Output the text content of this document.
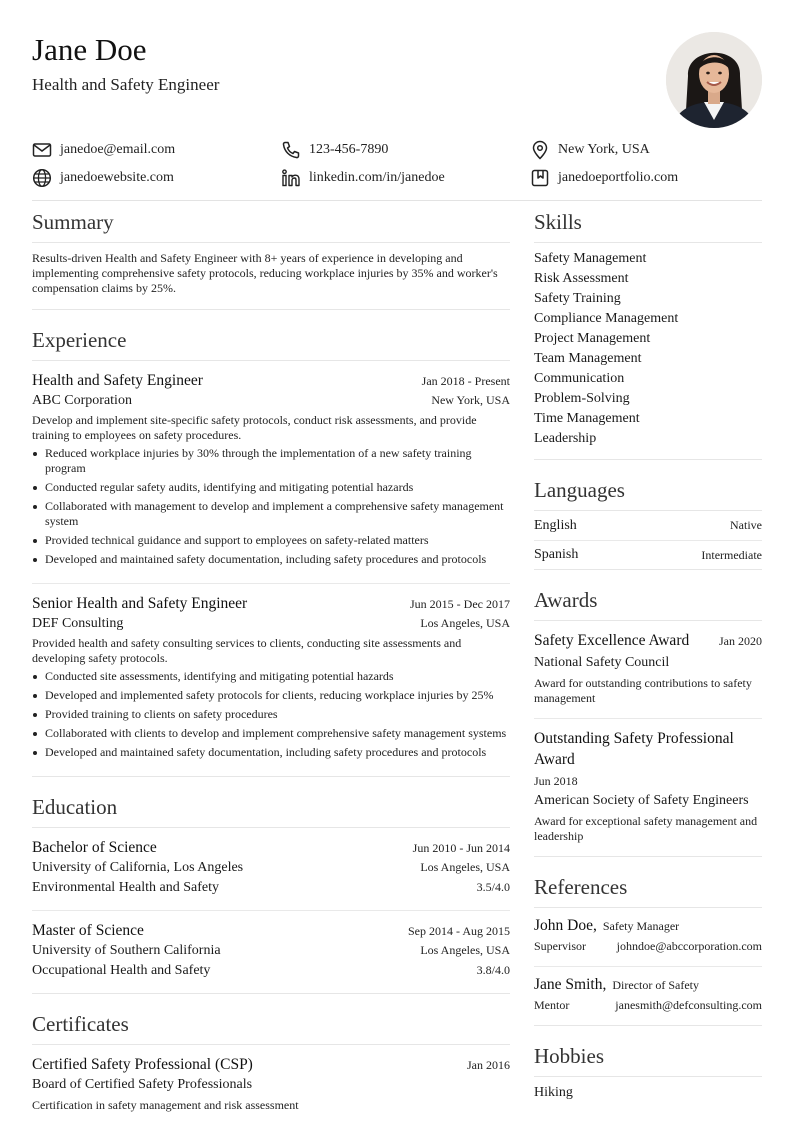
Jane Doe
Health and Safety Engineer
janedoe@email.com	123-456-7890	New York, USA
janedoewebsite.com	linkedin.com/in/janedoe	janedoeportfolio.com
Summary
Results-driven Health and Safety Engineer with 8+ years of experience in developing and implementing comprehensive safety protocols, reducing workplace injuries by 35% and worker's compensation claims by 25%.
Experience
Health and Safety Engineer	Jan 2018 - Present
ABC Corporation	New York, USA
Develop and implement site-specific safety protocols, conduct risk assessments, and provide training to employees on safety procedures.
Reduced workplace injuries by 30% through the implementation of a new safety training program
Conducted regular safety audits, identifying and mitigating potential hazards
Collaborated with management to develop and implement a comprehensive safety management system
Provided technical guidance and support to employees on safety-related matters
Developed and maintained safety documentation, including safety procedures and protocols
Senior Health and Safety Engineer	Jun 2015 - Dec 2017
DEF Consulting	Los Angeles, USA
Provided health and safety consulting services to clients, conducting site assessments and developing safety protocols.
Conducted site assessments, identifying and mitigating potential hazards
Developed and implemented safety protocols for clients, reducing workplace injuries by 25%
Provided training to clients on safety procedures
Collaborated with clients to develop and implement comprehensive safety management systems
Developed and maintained safety documentation, including safety procedures and protocols
Education
Bachelor of Science	Jun 2010 - Jun 2014
University of California, Los Angeles	Los Angeles, USA
Environmental Health and Safety	3.5/4.0
Master of Science	Sep 2014 - Aug 2015
University of Southern California	Los Angeles, USA
Occupational Health and Safety	3.8/4.0
Certificates
Certified Safety Professional (CSP)	Jan 2016
Board of Certified Safety Professionals
Certification in safety management and risk assessment
Skills
Safety Management
Risk Assessment
Safety Training
Compliance Management
Project Management
Team Management
Communication
Problem-Solving
Time Management
Leadership
Languages
English	Native
Spanish	Intermediate
Awards
Safety Excellence Award Jan 2020
National Safety Council
Award for outstanding contributions to safety management
Outstanding Safety Professional Award
Jun 2018
American Society of Safety Engineers
Award for exceptional safety management and leadership
References
John Doe, Safety Manager
Supervisor	johndoe@abccorporation.com
Jane Smith, Director of Safety
Mentor	janesmith@defconsulting.com
Hobbies
Hiking
